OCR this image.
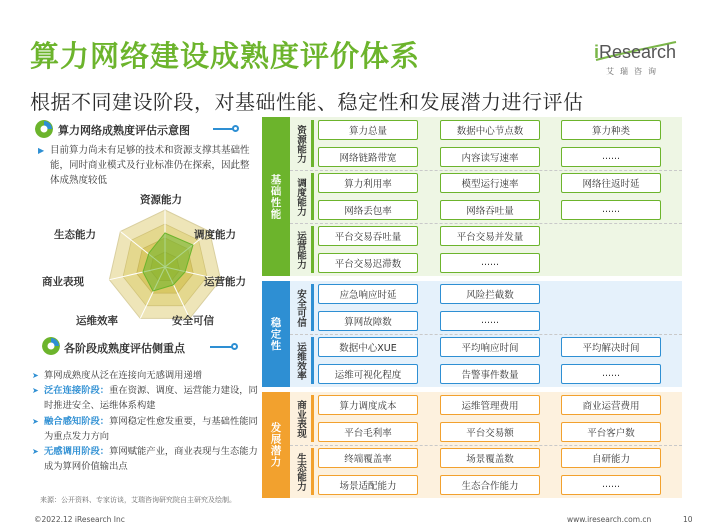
算力网络建设成熟度评价体系
根据不同建设阶段，对基础性能、稳定性和发展潜力进行评估
iResearch
艾瑞咨询
算力网络成熟度评估示意图
▶ 目前算力尚未有足够的技术和资源支撑其基础性能，同时商业模式及行业标准仍在探索，因此整体成熟度较低
资源能力
生态能力	调度能力
商业表现	运营能力
运维效率	安全可信
各阶段成熟度评估侧重点

➤ 算网成熟度从泛在连接向无感调用递增

➤ 泛在连接阶段：重在资源、调度、运营能力建设，同时推进安全、运维体系构建

➤ 融合感知阶段：算网稳定性愈发重要，与基础性能同为重点发力方向

➤ 无感调用阶段：算网赋能产业，商业表现与生态能力成为算网价值输出点

来源：公开资料、专家访谈，艾瑞咨询研究院自主研究及绘制。
基础性能
资源能力	算力总量	数据中心节点数	算力种类
网络链路带宽	内容读写速率	......
调度能力	算力利用率	模型运行速率	网络往返时延
网络丢包率	网络吞吐量	......
运营能力	平台交易吞吐量	平台交易并发量
平台交易迟滞数	......
稳定性
安全可信	应急响应时延	风险拦截数
算网故障数	......
运维效率	数据中心XUE	平均响应时间	平均解决时间
运维可视化程度	告警事件数量	......
发展潜力
商业表现	算力调度成本	运维管理费用	商业运营费用
平台毛利率	平台交易额	平台客户数
生态能力	终端覆盖率	场景覆盖数	自研能力
场景适配能力	生态合作能力	......
©2022.12 iResearch Inc	www.iresearch.com.cn	10
